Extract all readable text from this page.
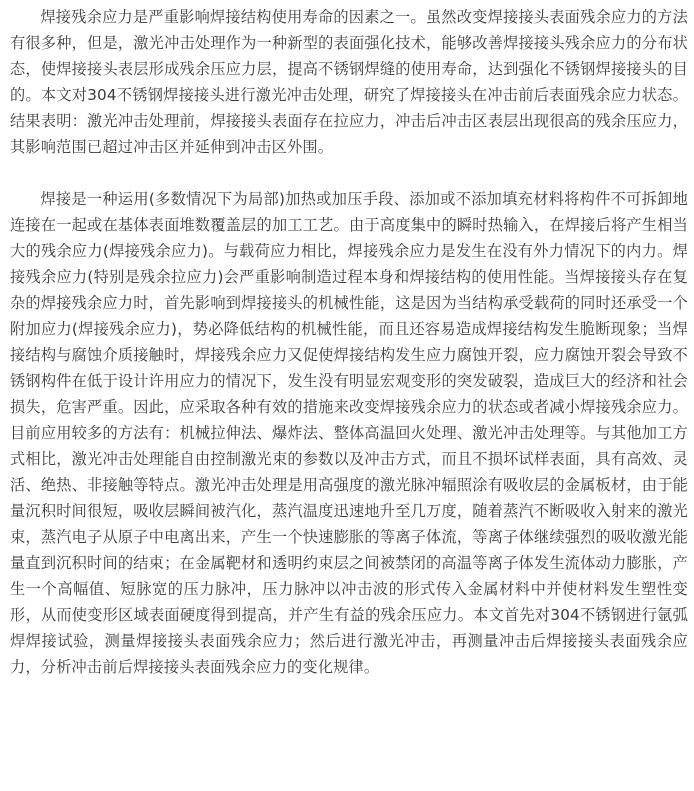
焊接残余应力是严重影响焊接结构使用寿命的因素之一。虽然改变焊接接头表面残余应力的方法有很多种，但是，激光冲击处理作为一种新型的表面强化技术，能够改善焊接接头残余应力的分布状态，使焊接接头表层形成残余压应力层，提高不锈钢焊缝的使用寿命，达到强化不锈钢焊接接头的目的。本文对304不锈钢焊接接头进行激光冲击处理，研究了焊接接头在冲击前后表面残余应力状态。结果表明：激光冲击处理前，焊接接头表面存在拉应力，冲击后冲击区表层出现很高的残余压应力，其影响范围已超过冲击区并延伸到冲击区外围。

焊接是一种运用(多数情况下为局部)加热或加压手段、添加或不添加填充材料将构件不可拆卸地连接在一起或在基体表面堆数覆盖层的加工工艺。由于高度集中的瞬时热输入，在焊接后将产生相当大的残余应力(焊接残余应力)。与载荷应力相比，焊接残余应力是发生在没有外力情况下的内力。焊接残余应力(特别是残余拉应力)会严重影响制造过程本身和焊接结构的使用性能。当焊接接头存在复杂的焊接残余应力时，首先影响到焊接接头的机械性能，这是因为当结构承受载荷的同时还承受一个附加应力(焊接残余应力)，势必降低结构的机械性能，而且还容易造成焊接结构发生脆断现象；当焊接结构与腐蚀介质接触时，焊接残余应力又促使焊接结构发生应力腐蚀开裂，应力腐蚀开裂会导致不锈钢构件在低于设计许用应力的情况下，发生没有明显宏观变形的突发破裂，造成巨大的经济和社会损失，危害严重。因此，应采取各种有效的措施来改变焊接残余应力的状态或者减小焊接残余应力。目前应用较多的方法有：机械拉伸法、爆炸法、整体高温回火处理、激光冲击处理等。与其他加工方式相比，激光冲击处理能自由控制激光束的参数以及冲击方式，而且不损坏试样表面，具有高效、灵活、绝热、非接触等特点。激光冲击处理是用高强度的激光脉冲辐照涂有吸收层的金属板材，由于能量沉积时间很短，吸收层瞬间被汽化，蒸汽温度迅速地升至几万度，随着蒸汽不断吸收入射来的激光束，蒸汽电子从原子中电离出来，产生一个快速膨胀的等离子体流，等离子体继续强烈的吸收激光能量直到沉积时间的结束；在金属靶材和透明约束层之间被禁闭的高温等离子体发生流体动力膨胀，产生一个高幅值、短脉宽的压力脉冲，压力脉冲以冲击波的形式传入金属材料中并使材料发生塑性变形，从而使变形区域表面硬度得到提高，并产生有益的残余压应力。本文首先对304不锈钢进行氩弧焊焊接试验，测量焊接接头表面残余应力；然后进行激光冲击，再测量冲击后焊接接头表面残余应力，分析冲击前后焊接接头表面残余应力的变化规律。
